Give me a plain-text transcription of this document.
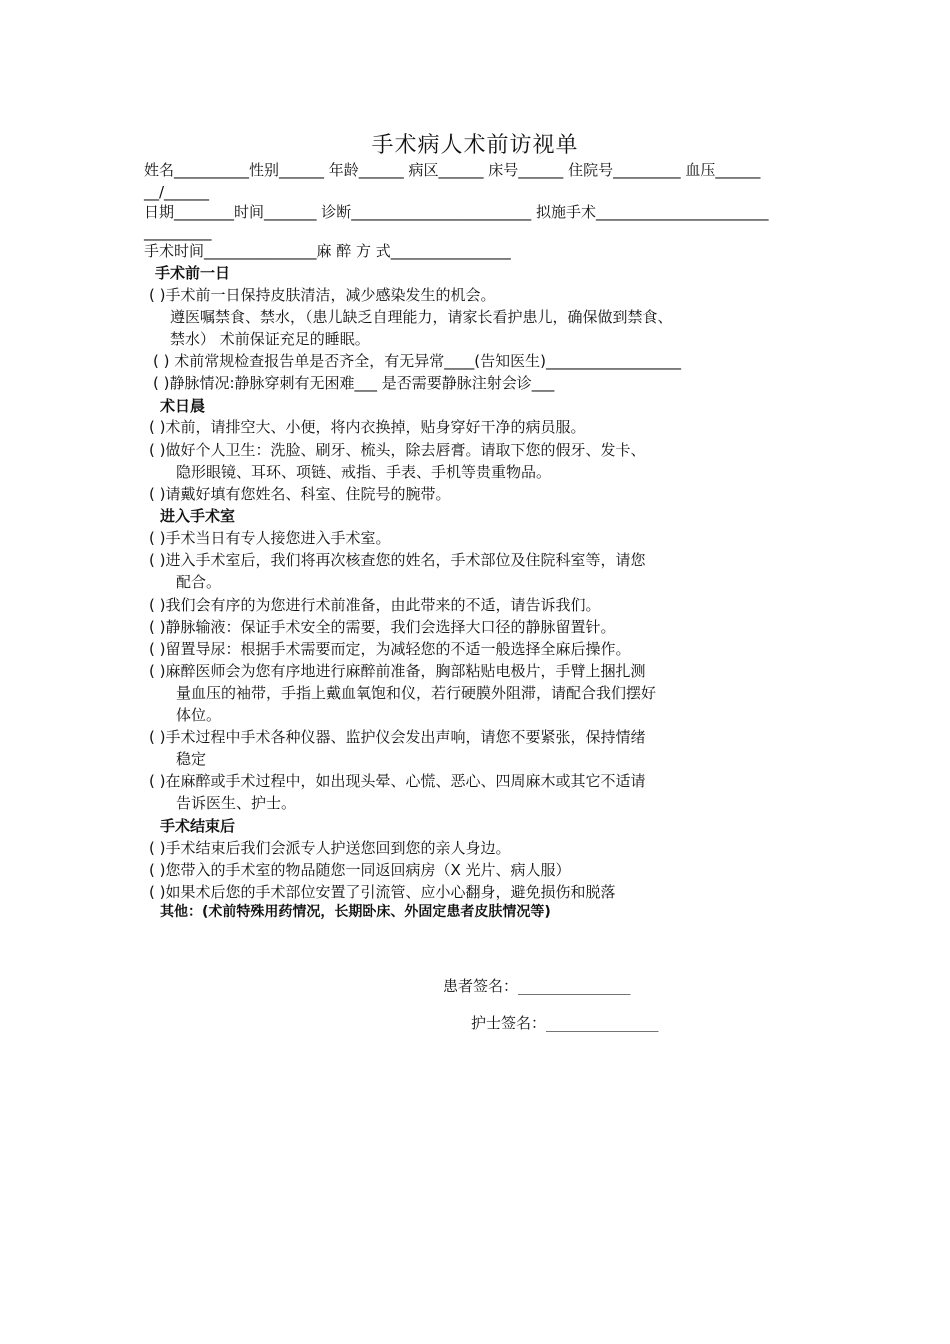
手术病人术前访视单
姓名__________性别______ 年龄______ 病区______ 床号______ 住院号_________ 血压______
__/______
日期________时间_______ 诊断________________________ 拟施手术_______________________
_________
手术时间_______________麻 醉 方 式________________
手术前一日
( )手术前一日保持皮肤清洁，减少感染发生的机会。
遵医嘱禁食、禁水，（患儿缺乏自理能力，请家长看护患儿，确保做到禁食、
禁水） 术前保证充足的睡眠。
( ) 术前常规检查报告单是否齐全，有无异常____(告知医生)__________________
( )静脉情况:静脉穿刺有无困难___ 是否需要静脉注射会诊___
术日晨
( )术前，请排空大、小便，将内衣换掉，贴身穿好干净的病员服。
( )做好个人卫生：洗脸、刷牙、梳头，除去唇膏。请取下您的假牙、发卡、
隐形眼镜、耳环、项链、戒指、手表、手机等贵重物品。
( )请戴好填有您姓名、科室、住院号的腕带。
进入手术室
( )手术当日有专人接您进入手术室。
( )进入手术室后，我们将再次核查您的姓名，手术部位及住院科室等，请您
配合。
( )我们会有序的为您进行术前准备，由此带来的不适，请告诉我们。
( )静脉输液：保证手术安全的需要，我们会选择大口径的静脉留置针。
( )留置导尿：根据手术需要而定，为减轻您的不适一般选择全麻后操作。
( )麻醉医师会为您有序地进行麻醉前准备，胸部粘贴电极片，手臂上捆扎测
量血压的袖带，手指上戴血氧饱和仪，若行硬膜外阻滞，请配合我们摆好
体位。
( )手术过程中手术各种仪器、监护仪会发出声响，请您不要紧张，保持情绪
稳定
( )在麻醉或手术过程中，如出现头晕、心慌、恶心、四周麻木或其它不适请
告诉医生、护士。
手术结束后
( )手术结束后我们会派专人护送您回到您的亲人身边。
( )您带入的手术室的物品随您一同返回病房（X 光片、病人服）
( )如果术后您的手术部位安置了引流管、应小心翻身，避免损伤和脱落
其他：(术前特殊用药情况，长期卧床、外固定患者皮肤情况等)
患者签名：_______________
护士签名：_______________
